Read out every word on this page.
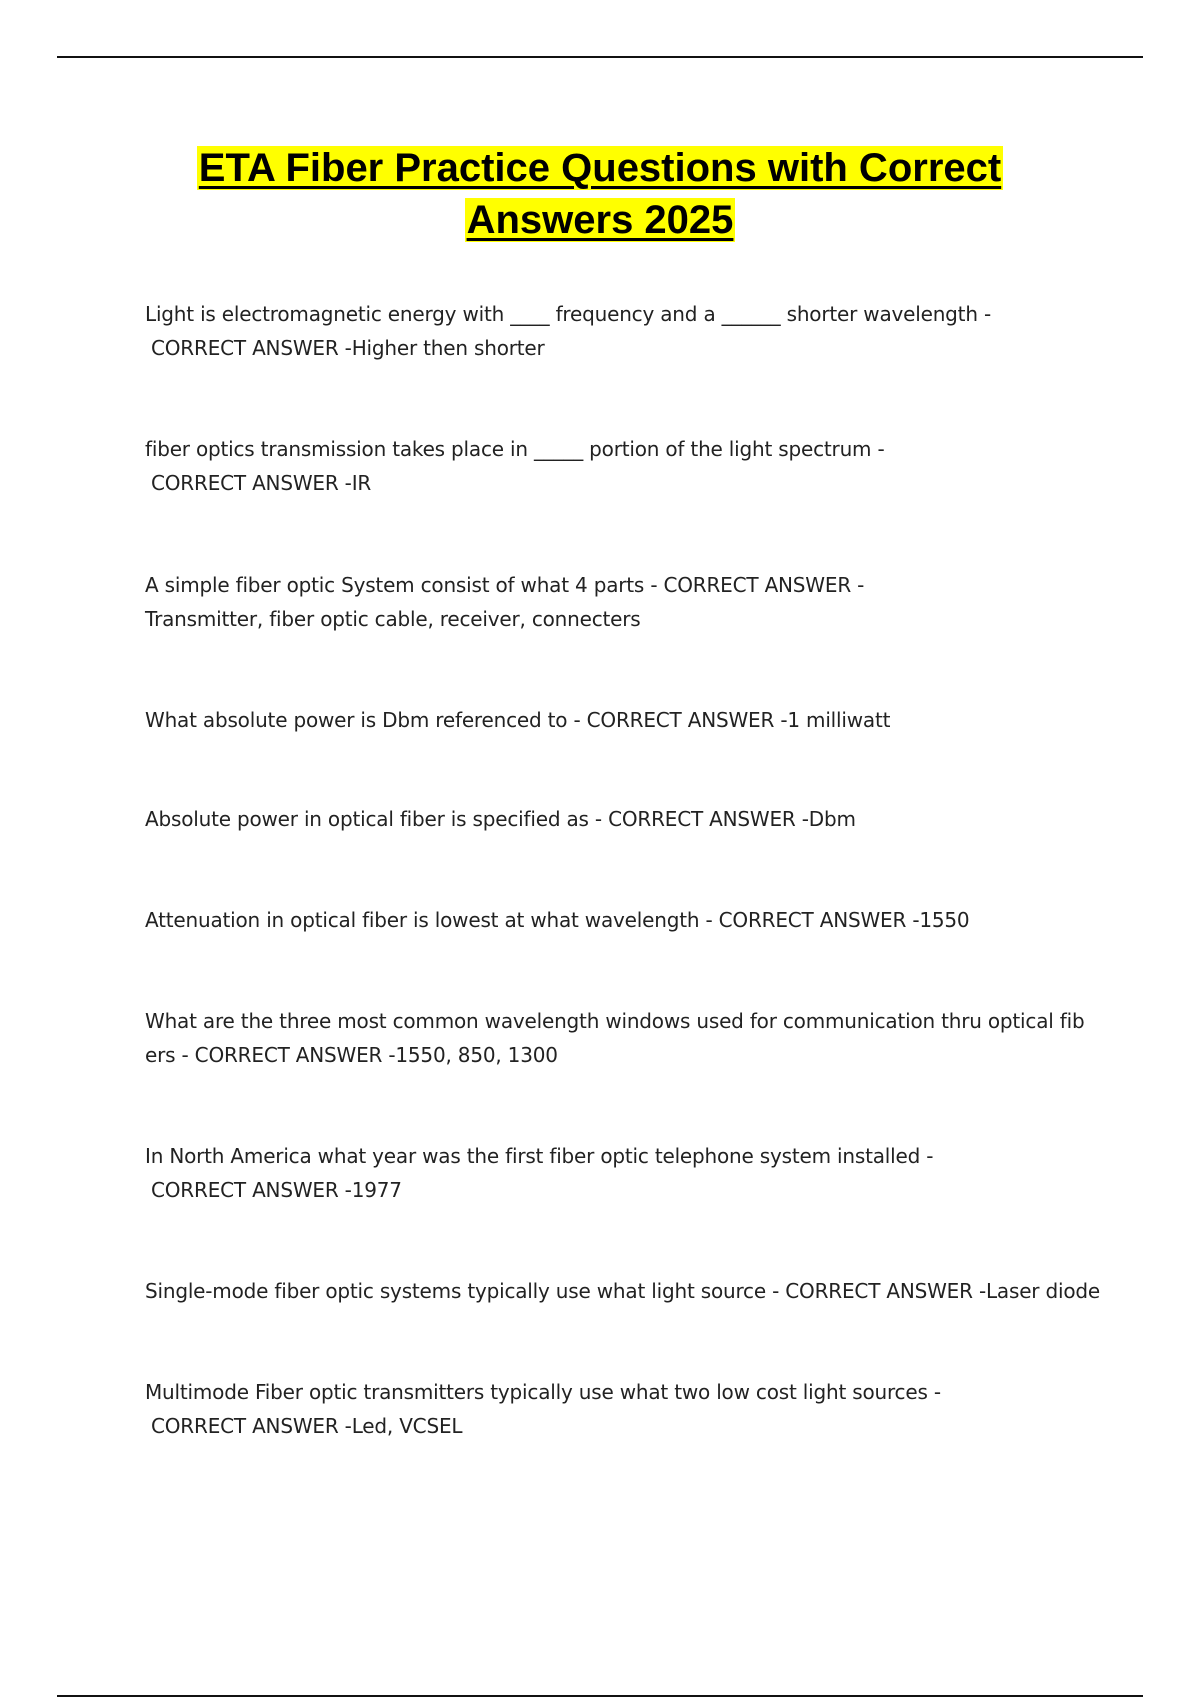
ETA Fiber Practice Questions with Correct
Answers 2025
Light is electromagnetic energy with ____ frequency and a ______ shorter wavelength -
CORRECT ANSWER -Higher then shorter
fiber optics transmission takes place in _____ portion of the light spectrum -
CORRECT ANSWER -IR
A simple fiber optic System consist of what 4 parts - CORRECT ANSWER -
Transmitter, fiber optic cable, receiver, connecters
What absolute power is Dbm referenced to - CORRECT ANSWER -1 milliwatt
Absolute power in optical fiber is specified as - CORRECT ANSWER -Dbm
Attenuation in optical fiber is lowest at what wavelength - CORRECT ANSWER -1550
What are the three most common wavelength windows used for communication thru optical fib
ers - CORRECT ANSWER -1550, 850, 1300
In North America what year was the first fiber optic telephone system installed -
CORRECT ANSWER -1977
Single-mode fiber optic systems typically use what light source - CORRECT ANSWER -Laser diode
Multimode Fiber optic transmitters typically use what two low cost light sources -
CORRECT ANSWER -Led, VCSEL
